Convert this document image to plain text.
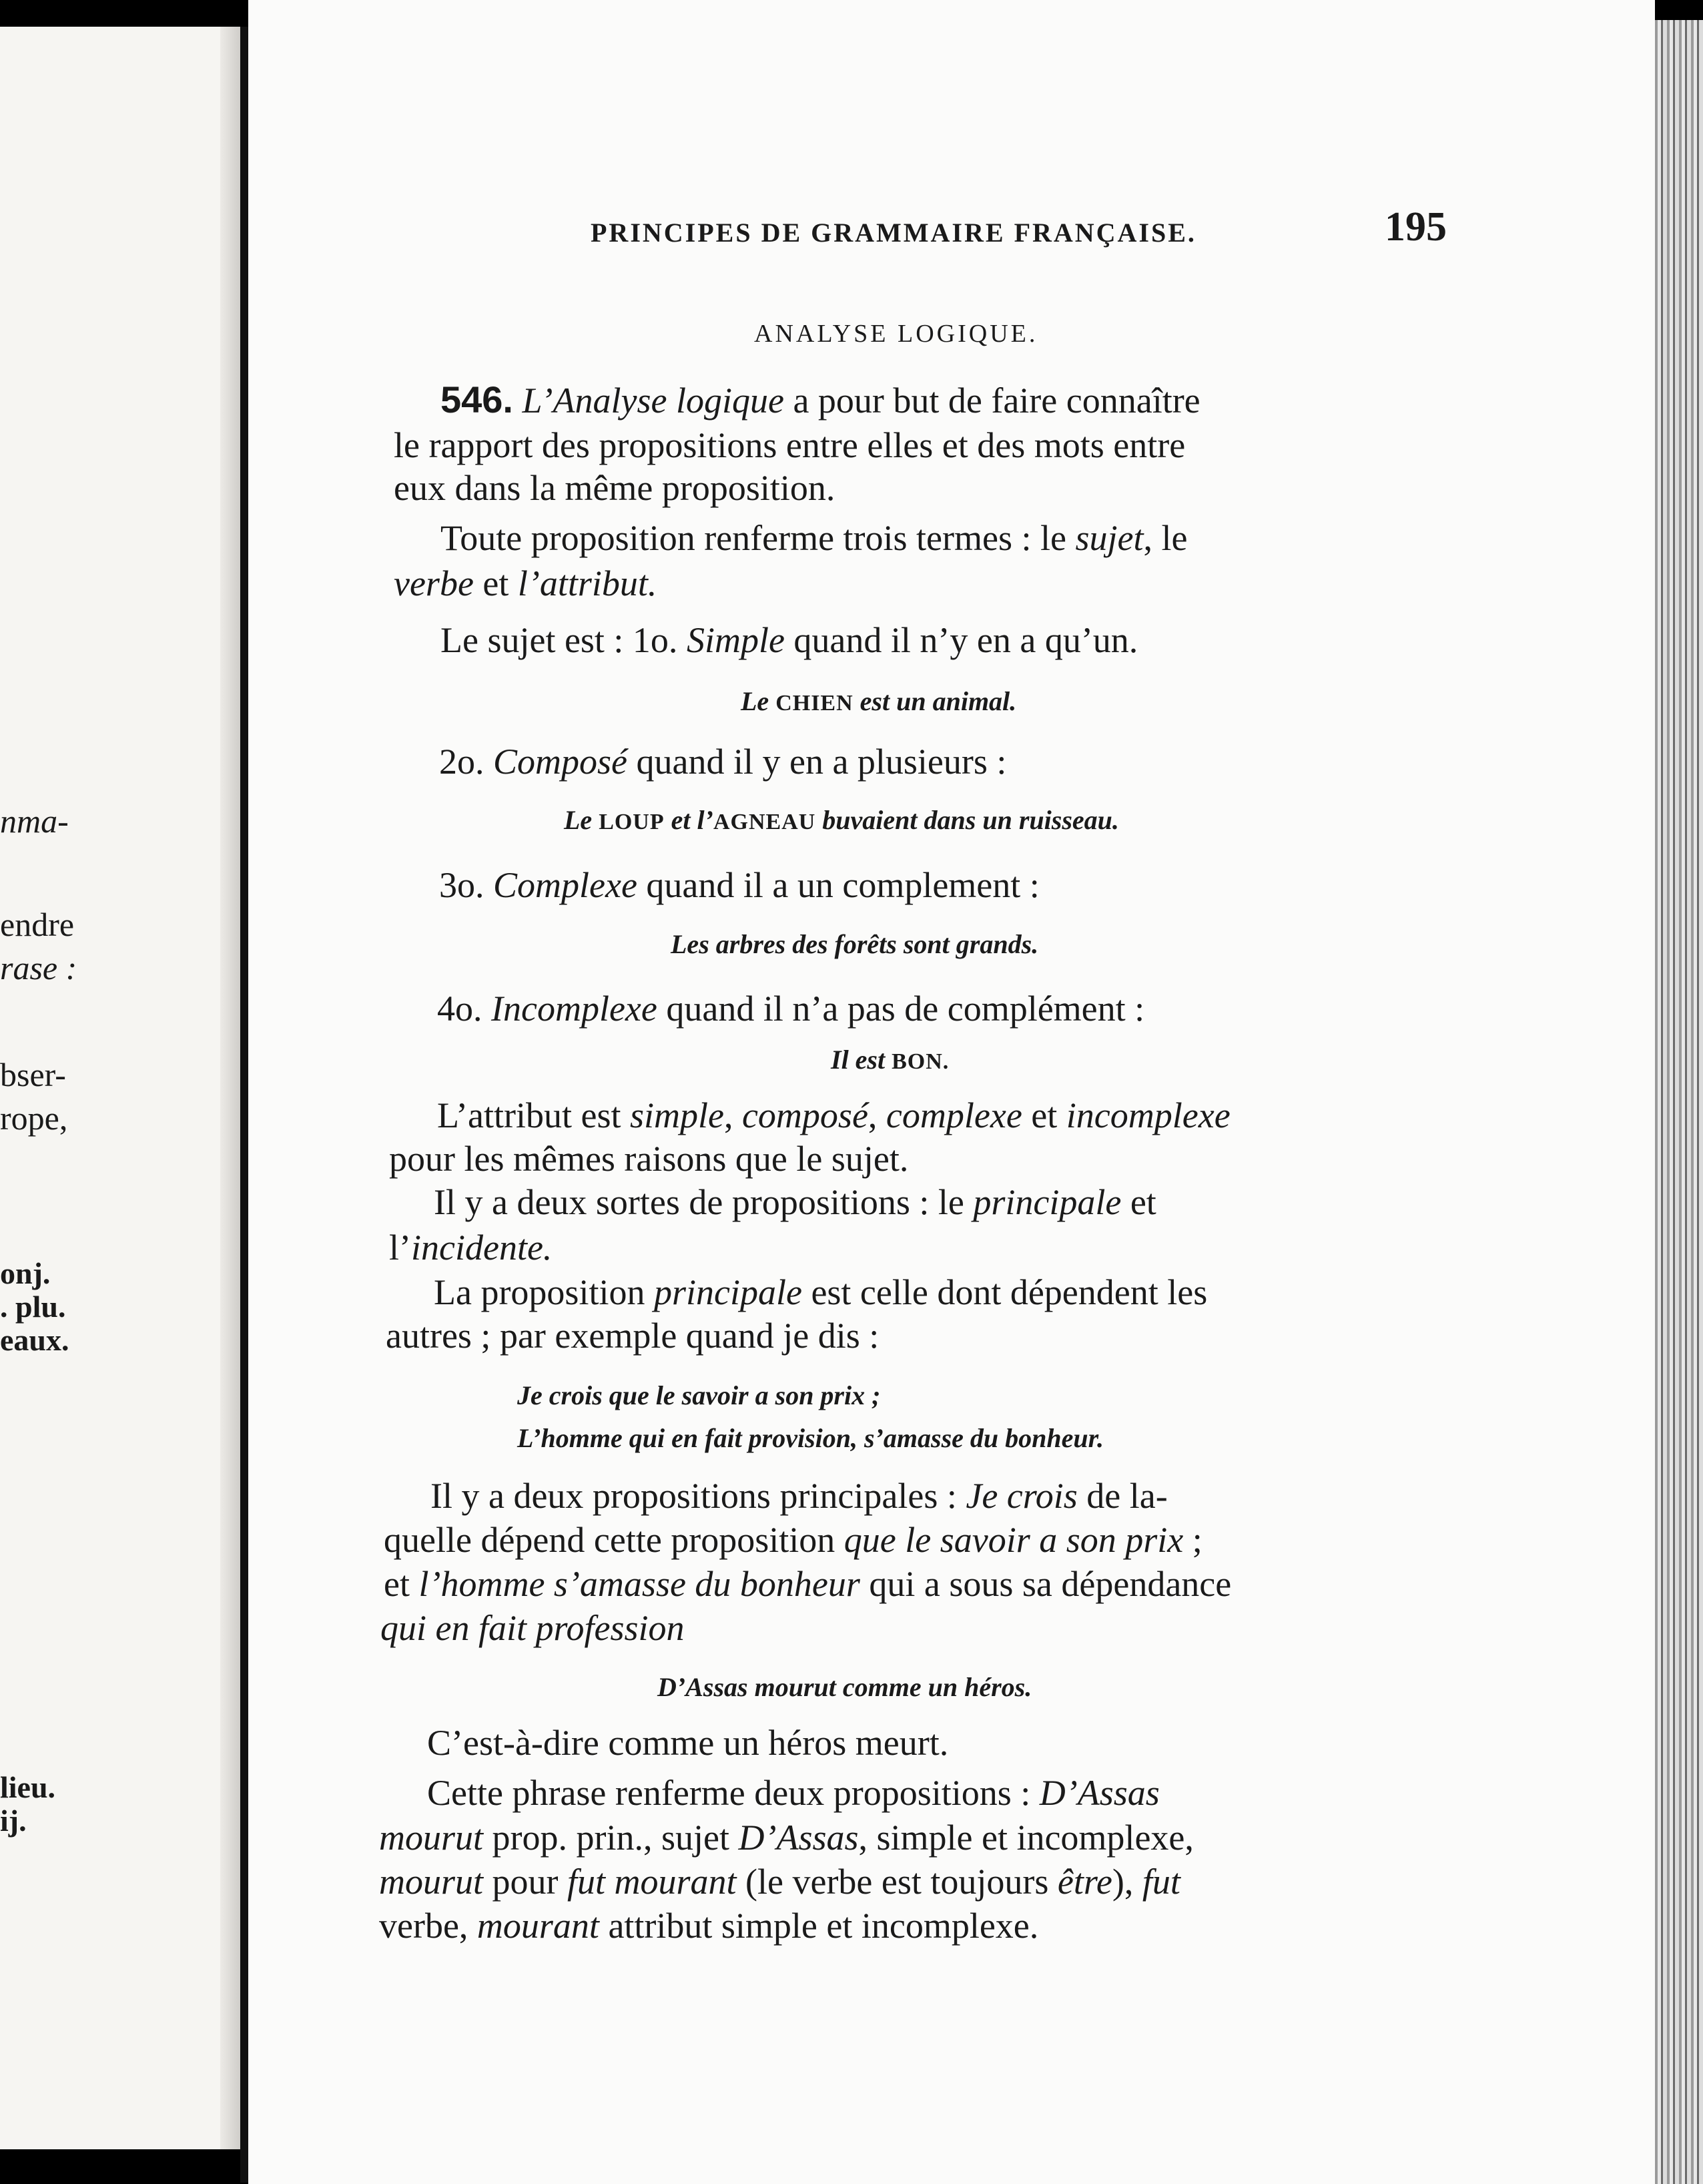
nma-
endre
rase :
bser-
rope,
onj.
. plu.
eaux.
lieu.
ij.
PRINCIPES DE GRAMMAIRE FRANÇAISE.	195
ANALYSE LOGIQUE.
546. L’Analyse logique a pour but de faire connaître
le rapport des propositions entre elles et des mots entre
eux dans la même proposition.
Toute proposition renferme trois termes : le sujet, le
verbe et l’attribut.
Le sujet est : 1o. Simple quand il n’y en a qu’un.
Le CHIEN est un animal.
2o. Composé quand il y en a plusieurs :
Le LOUP et l’AGNEAU buvaient dans un ruisseau.
3o. Complexe quand il a un complement :
Les arbres des forêts sont grands.
4o. Incomplexe quand il n’a pas de complément :
Il est BON.
L’attribut est simple, composé, complexe et incomplexe
pour les mêmes raisons que le sujet.
Il y a deux sortes de propositions : le principale et
l’incidente.
La proposition principale est celle dont dépendent les
autres ; par exemple quand je dis :
Je crois que le savoir a son prix ;
L’homme qui en fait provision, s’amasse du bonheur.
Il y a deux propositions principales : Je crois de la-
quelle dépend cette proposition que le savoir a son prix ;
et l’homme s’amasse du bonheur qui a sous sa dépendance
qui en fait profession
D’Assas mourut comme un héros.
C’est-à-dire comme un héros meurt.
Cette phrase renferme deux propositions : D’Assas
mourut prop. prin., sujet D’Assas, simple et incomplexe,
mourut pour fut mourant (le verbe est toujours être), fut
verbe, mourant attribut simple et incomplexe.
